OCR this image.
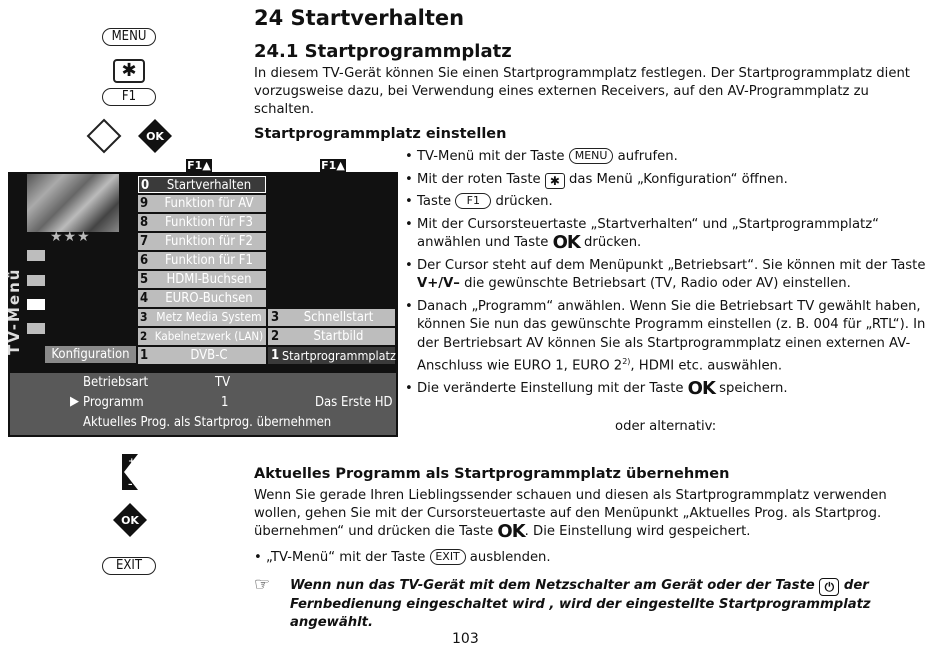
MENU
✱
F1
OK
+
–
OK
EXIT
24 Startverhalten
24.1 Startprogrammplatz
In diesem TV-Gerät können Sie einen Startprogrammplatz festlegen. Der Startprogrammplatz dient vorzugsweise dazu, bei Verwendung eines externen Receivers, auf den AV-Programmplatz zu schalten.
Startprogrammplatz einstellen
• TV-Menü mit der Taste MENU aufrufen.
• Mit der roten Taste ✱ das Menü „Konfiguration“ öffnen.
• Taste F1 drücken.
• Mit der Cursorsteuertaste „Startverhalten“ und „Startprogrammplatz“ anwählen und Taste OK drücken.
• Der Cursor steht auf dem Menüpunkt „Betriebsart“. Sie können mit der Taste V+/V– die gewünschte Betriebsart (TV, Radio oder AV) einstellen.
• Danach „Programm“ anwählen. Wenn Sie die Betriebsart TV gewählt haben, können Sie nun das gewünschte Programm einstellen (z. B. 004 für „RTL“). In der Bertriebsart AV können Sie als Startprogrammplatz einen externen AV-Anschluss wie EURO 1, EURO 2$^{2)}$, HDMI etc. auswählen.
• Die veränderte Einstellung mit der Taste OK speichern.
oder alternativ:
★★★
TV-Menü	Konfiguration
F1▲	F1▲
0	Startverhalten
9	Funktion für AV
8	Funktion für F3
7	Funktion für F2
6	Funktion für F1
5	HDMI-Buchsen
4	EURO-Buchsen
3 Metz Media System
2 Kabelnetzwerk (LAN)
1	DVB-C
3	Schnellstart
2	Startbild
1 Startprogrammplatz
Betriebsart	TV
▶ Programm	1	Das Erste HD
Aktuelles Prog. als Startprog. übernehmen
Aktuelles Programm als Startprogrammplatz übernehmen
Wenn Sie gerade Ihren Lieblingssender schauen und diesen als Startprogrammplatz verwenden wollen, gehen Sie mit der Cursorsteuertaste auf den Menüpunkt „Aktuelles Prog. als Startprog. übernehmen“ und drücken die Taste OK. Die Einstellung wird gespeichert.
• „TV-Menü“ mit der Taste EXIT ausblenden.
☞ Wenn nun das TV-Gerät mit dem Netzschalter am Gerät oder der Taste ⏻ der Fernbedienung eingeschaltet wird , wird der eingestellte Startprogrammplatz angewählt.
103
